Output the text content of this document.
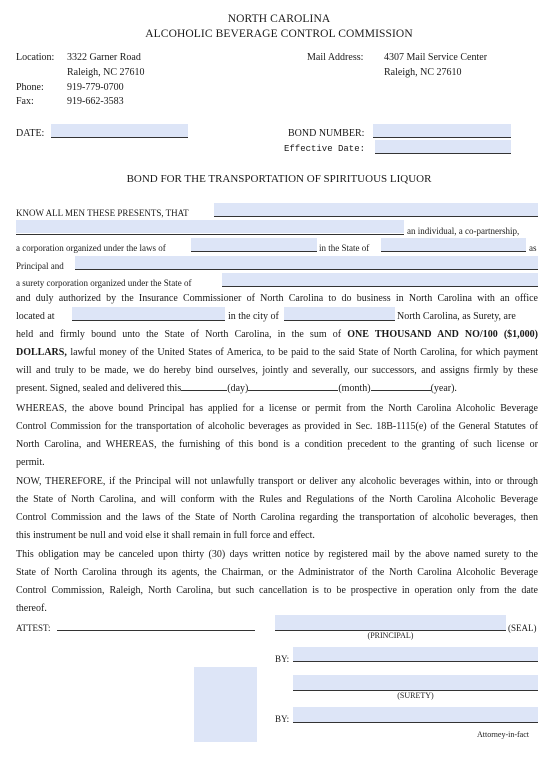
NORTH CAROLINA
ALCOHOLIC BEVERAGE CONTROL COMMISSION
Location: 3322 Garner Road
Raleigh, NC 27610
Phone: 919-779-0700
Fax:	919-662-3583
Mail Address: 4307 Mail Service Center
Raleigh, NC 27610
DATE:	BOND NUMBER:
Effective Date:
BOND FOR THE TRANSPORTATION OF SPIRITUOUS LIQUOR
KNOW ALL MEN THESE PRESENTS, THAT
an individual, a co-partnership,
a corporation organized under the laws of	in the State of	as
Principal and
a surety corporation organized under the State of
and duly authorized by the Insurance Commissioner of North Carolina to do business in North Carolina with an office
located at	in the city of	North Carolina, as Surety, are
held and firmly bound unto the State of North Carolina, in the sum of ONE THOUSAND AND NO/100 ($1,000)
DOLLARS, lawful money of the United States of America, to be paid to the said State of North Carolina, for which payment
will and truly to be made, we do hereby bind ourselves, jointly and severally, our successors, and assigns firmly by these
present. Signed, sealed and delivered this	(day)	(month)	(year).
WHEREAS, the above bound Principal has applied for a license or permit from the North Carolina Alcoholic Beverage
Control Commission for the transportation of alcoholic beverages as provided in Sec. 18B-1115(e) of the General Statutes of
North Carolina, and WHEREAS, the furnishing of this bond is a condition precedent to the granting of such license or
permit.
NOW, THEREFORE, if the Principal will not unlawfully transport or deliver any alcoholic beverages within, into or through
the State of North Carolina, and will conform with the Rules and Regulations of the North Carolina Alcoholic Beverage
Control Commission and the laws of the State of North Carolina regarding the transportation of alcoholic beverages, then
this instrument be null and void else it shall remain in full force and effect.
This obligation may be canceled upon thirty (30) days written notice by registered mail by the above named surety to the
State of North Carolina through its agents, the Chairman, or the Administrator of the North Carolina Alcoholic Beverage
Control Commission, Raleigh, North Carolina, but such cancellation is to be prospective in operation only from the date
thereof.
ATTEST:	(SEAL)
(PRINCIPAL)
BY:
(SURETY)
BY:
Attorney-in-fact
